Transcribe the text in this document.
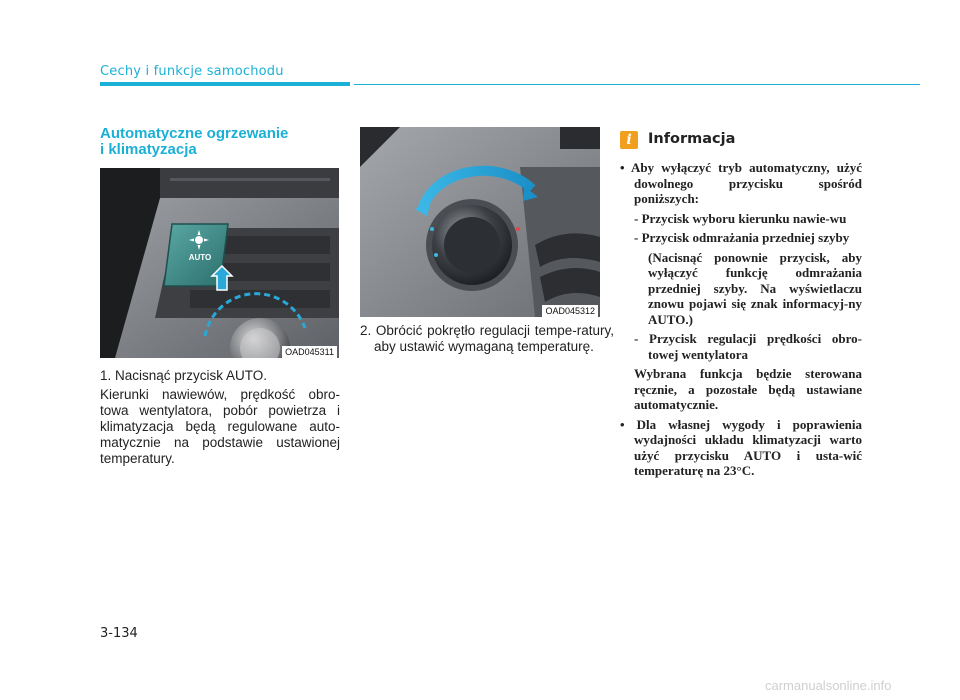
Cechy i funkcje samochodu
Automatyczne ogrzewanie
i klimatyzacja
AUTO
OAD045311
OAD045312
1. Nacisnąć przycisk AUTO.
Kierunki nawiewów, prędkość obro-towa wentylatora, pobór powietrza i klimatyzacja będą regulowane auto-matycznie na podstawie ustawionej temperatury.
2. Obrócić pokrętło regulacji tempe-ratury, aby ustawić wymaganą temperaturę.
i	Informacja

• Aby wyłączyć tryb automatyczny, użyć dowolnego przycisku spośród poniższych:

- Przycisk wyboru kierunku nawie-wu

- Przycisk odmrażania przedniej szyby

(Nacisnąć ponownie przycisk, aby wyłączyć funkcję odmrażania przedniej szyby. Na wyświetlaczu znowu pojawi się znak informacyj-ny AUTO.)

- Przycisk regulacji prędkości obro-towej wentylatora

Wybrana funkcja będzie sterowana ręcznie, a pozostałe będą ustawiane automatycznie.

• Dla własnej wygody i poprawienia wydajności układu klimatyzacji warto użyć przycisku AUTO i usta-wić temperaturę na 23°C.

3-134
carmanualsonline.info
